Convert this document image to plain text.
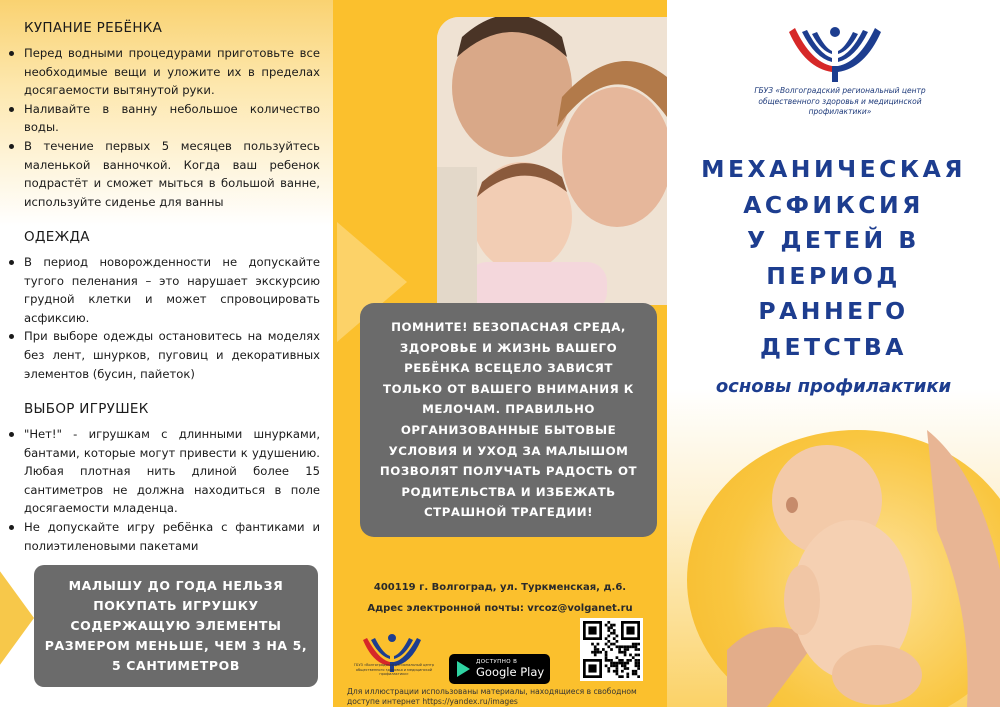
КУПАНИЕ РЕБЁНКА
Перед водными процедурами приготовьте все необходимые вещи и уложите их в пределах досягаемости вытянутой руки.
Наливайте в ванну небольшое количество воды.
В течение первых 5 месяцев пользуйтесь маленькой ванночкой. Когда ваш ребенок подрастёт и сможет мыться в большой ванне, используйте сиденье для ванны
ОДЕЖДА
В период новорожденности не допускайте тугого пеленания – это нарушает экскурсию грудной клетки и может спровоцировать асфиксию.
При выборе одежды остановитесь на моделях без лент, шнурков, пуговиц и декоративных элементов (бусин, пайеток)
ВЫБОР ИГРУШЕК
"Нет!" - игрушкам с длинными шнурками, бантами, которые могут привести к удушению. Любая плотная нить длиной более 15 сантиметров не должна находиться в поле досягаемости младенца.
Не допускайте игру ребёнка с фантиками и полиэтиленовыми пакетами
МАЛЫШУ ДО ГОДА НЕЛЬЗЯ ПОКУПАТЬ ИГРУШКУ СОДЕРЖАЩУЮ ЭЛЕМЕНТЫ РАЗМЕРОМ МЕНЬШЕ, ЧЕМ 3 НА 5, 5 САНТИМЕТРОВ
ПОМНИТЕ! БЕЗОПАСНАЯ СРЕДА, ЗДОРОВЬЕ И ЖИЗНЬ ВАШЕГО РЕБЁНКА ВСЕЦЕЛО ЗАВИСЯТ ТОЛЬКО ОТ ВАШЕГО ВНИМАНИЯ К МЕЛОЧАМ. ПРАВИЛЬНО ОРГАНИЗОВАННЫЕ БЫТОВЫЕ УСЛОВИЯ И УХОД ЗА МАЛЫШОМ ПОЗВОЛЯТ ПОЛУЧАТЬ РАДОСТЬ ОТ РОДИТЕЛЬСТВА И ИЗБЕЖАТЬ СТРАШНОЙ ТРАГЕДИИ!
400119 г. Волгоград, ул. Туркменская, д.6.
Адрес электронной почты: vrcoz@volganet.ru
ГБУЗ «Волгоградский региональный центр общественного здоровья и медицинской профилактики»
ДОСТУПНО В
Google Play
Для иллюстрации использованы материалы, находящиеся в свободном доступе интернет https://yandex.ru/images
ГБУЗ «Волгоградский региональный центр общественного здоровья и медицинской профилактики»
МЕХАНИЧЕСКАЯ
АСФИКСИЯ
У ДЕТЕЙ В
ПЕРИОД
РАННЕГО
ДЕТСТВА
основы профилактики
